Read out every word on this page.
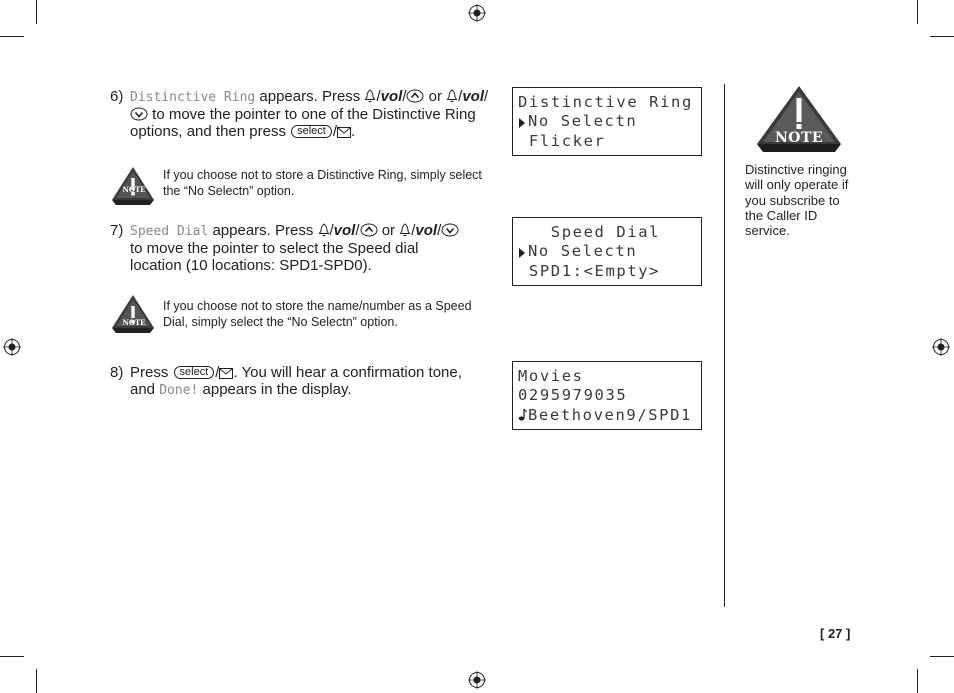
6) Distinctive Ring appears. Press /vol/ or /vol/
to move the pointer to one of the Distinctive Ring
options, and then press select / .
NOTE
If you choose not to store a Distinctive Ring, simply select the “No Selectn” option.
7) Speed Dial appears. Press /vol/ or /vol/
to move the pointer to select the Speed dial
location (10 locations: SPD1-SPD0).
NOTE
If you choose not to store the name/number as a Speed Dial, simply select the “No Selectn” option.
8) Press select / . You will hear a confirmation tone,
and Done! appears in the display.
Distinctive Ring
No Selectn
Flicker
Speed Dial
No Selectn
SPD1:<Empty>
Movies
0295979035
Beethoven9/SPD1
NOTE
Distinctive ringing will only operate if you subscribe to the Caller ID service.
[ 27 ]
